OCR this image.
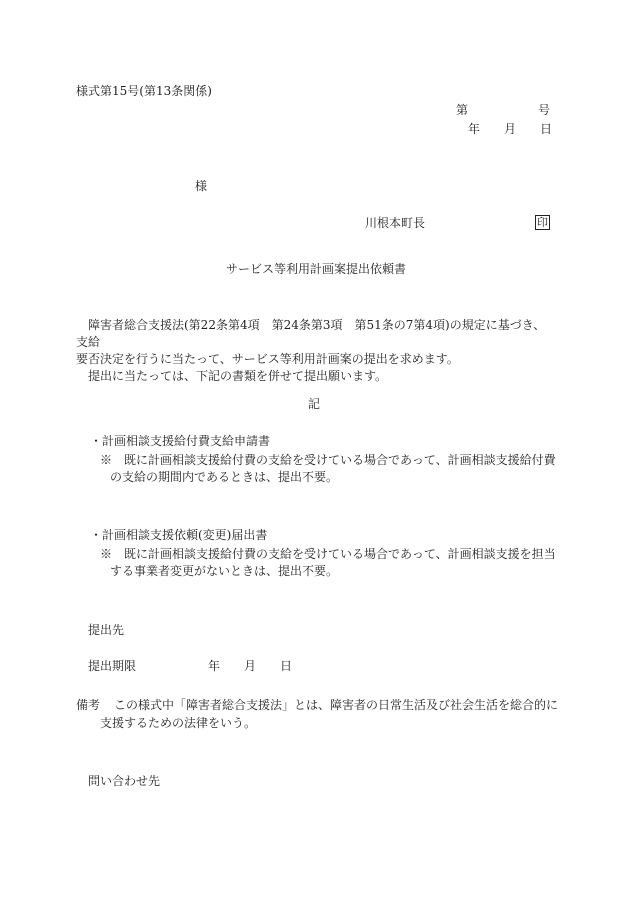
様式第15号(第13条関係)
第	号
年 月 日
様
川根本町長	印
サービス等利用計画案提出依頼書
障害者総合支援法(第22条第4項　第24条第3項　第51条の7第4項)の規定に基づき、支給
要否決定を行うに当たって、サービス等利用計画案の提出を求めます。
提出に当たっては、下記の書類を併せて提出願います。
記
・計画相談支援給付費支給申請書
※　既に計画相談支援給付費の支給を受けている場合であって、計画相談支援給付費
の支給の期間内であるときは、提出不要。
・計画相談支援依頼(変更)届出書
※　既に計画相談支援給付費の支給を受けている場合であって、計画相談支援を担当
する事業者変更がないときは、提出不要。
提出先
提出期限	年 月 日
備考 この様式中「障害者総合支援法」とは、障害者の日常生活及び社会生活を総合的に
支援するための法律をいう。
問い合わせ先
